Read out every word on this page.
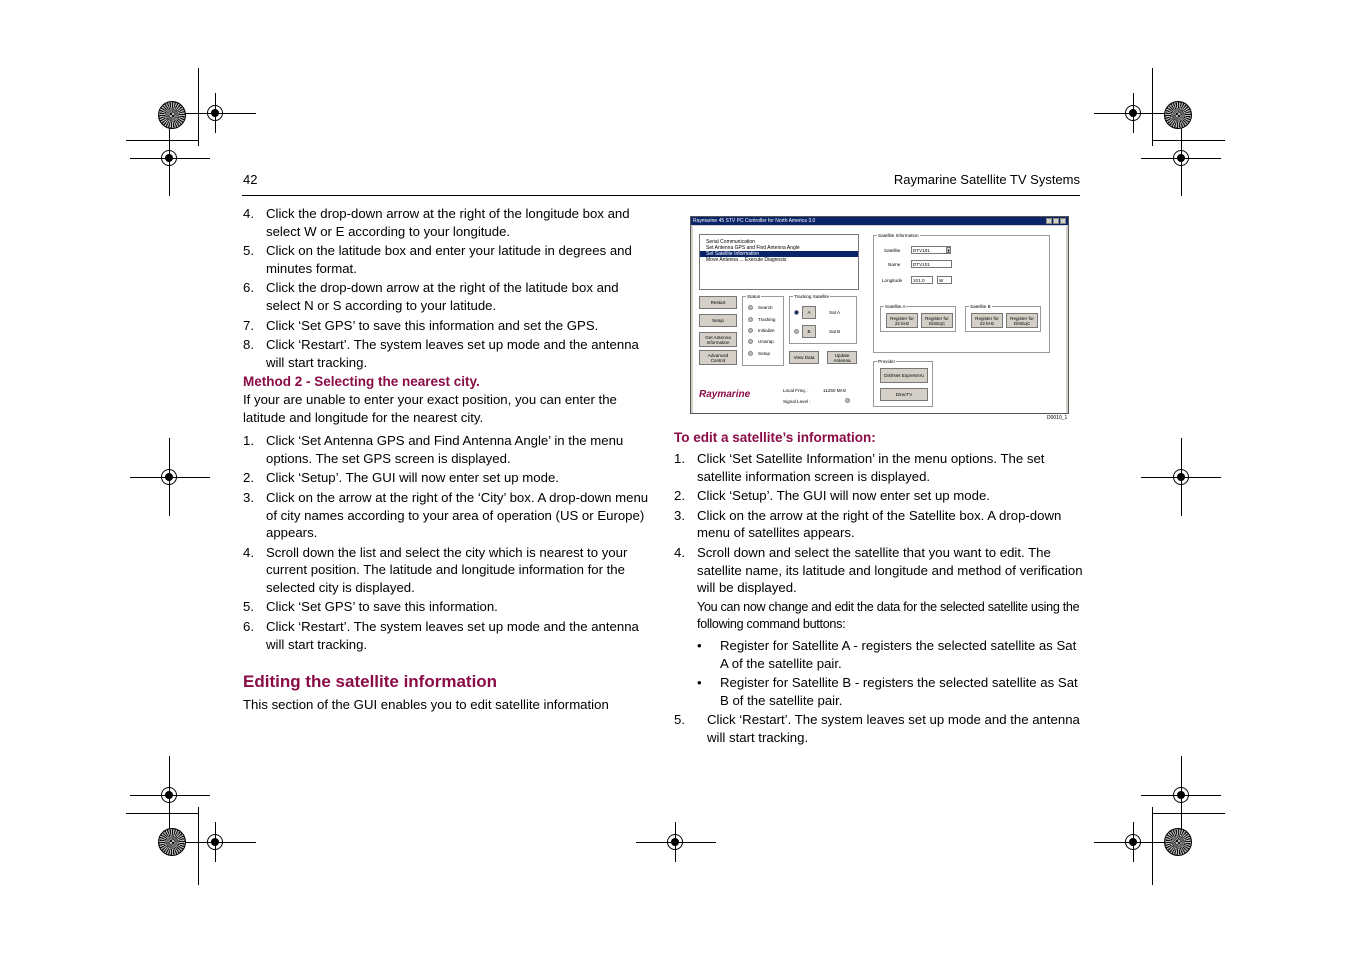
42	Raymarine Satellite TV Systems
4. Click the drop-down arrow at the right of the longitude box and select W or E according to your longitude.
5. Click on the latitude box and enter your latitude in degrees and minutes format.
6. Click the drop-down arrow at the right of the latitude box and select N or S according to your latitude.
7. Click ‘Set GPS’ to save this information and set the GPS.
8. Click ‘Restart’. The system leaves set up mode and the antenna will start tracking.

Method 2 - Selecting the nearest city.

If your are unable to enter your exact position, you can enter the latitude and longitude for the nearest city.

1. Click ‘Set Antenna GPS and Find Antenna Angle’ in the menu options. The set GPS screen is displayed.
2. Click ‘Setup’. The GUI will now enter set up mode.
3. Click on the arrow at the right of the ‘City’ box. A drop-down menu of city names according to your area of operation (US or Europe) appears.
4. Scroll down the list and select the city which is nearest to your current position. The latitude and longitude information for the selected city is displayed.
5. Click ‘Set GPS’ to save this information.
6. Click ‘Restart’. The system leaves set up mode and the antenna will start tracking.
Editing the satellite information
This section of the GUI enables you to edit satellite information
Raymarine 45 STV PC Controller for North America 3.0
Serial Communication
Set Antenna GPS and Find Antenna Angle
Set Satellite Information
Move Antenna ... Execute Diagnosis
Restart
Setup
Get Antenna Information
Advanced Control
Status
Search
Tracking
Initialize
Unwrap
Setup
Tracking Satellite
A	Sat A
B	Sat B
View Data	Update Antenna
Raymarine	Local Freq. :	11250 MHz
Signal Level :
Satellite Information
Satellite	DTV101	▾
Name	DTV101
Longitude	101.0	W
Satellite A
Register for 22 kHz
Register for DiSEqC
Satellite B
Register for 22 kHz
Register for DiSEqC
Provider
DishNet ExpressVu
DirecTV
D0010_1
To edit a satellite’s information:
1. Click ‘Set Satellite Information’ in the menu options. The set satellite information screen is displayed.
2. Click ‘Setup’. The GUI will now enter set up mode.
3. Click on the arrow at the right of the Satellite box. A drop-down menu of satellites appears.
4. Scroll down and select the satellite that you want to edit. The satellite name, its latitude and longitude and method of verification will be displayed.

You can now change and edit the data for the selected satellite using the following command buttons:

• Register for Satellite A - registers the selected satellite as Sat A of the satellite pair.
• Register for Satellite B - registers the selected satellite as Sat B of the satellite pair.
5. Click ‘Restart’. The system leaves set up mode and the antenna will start tracking.
